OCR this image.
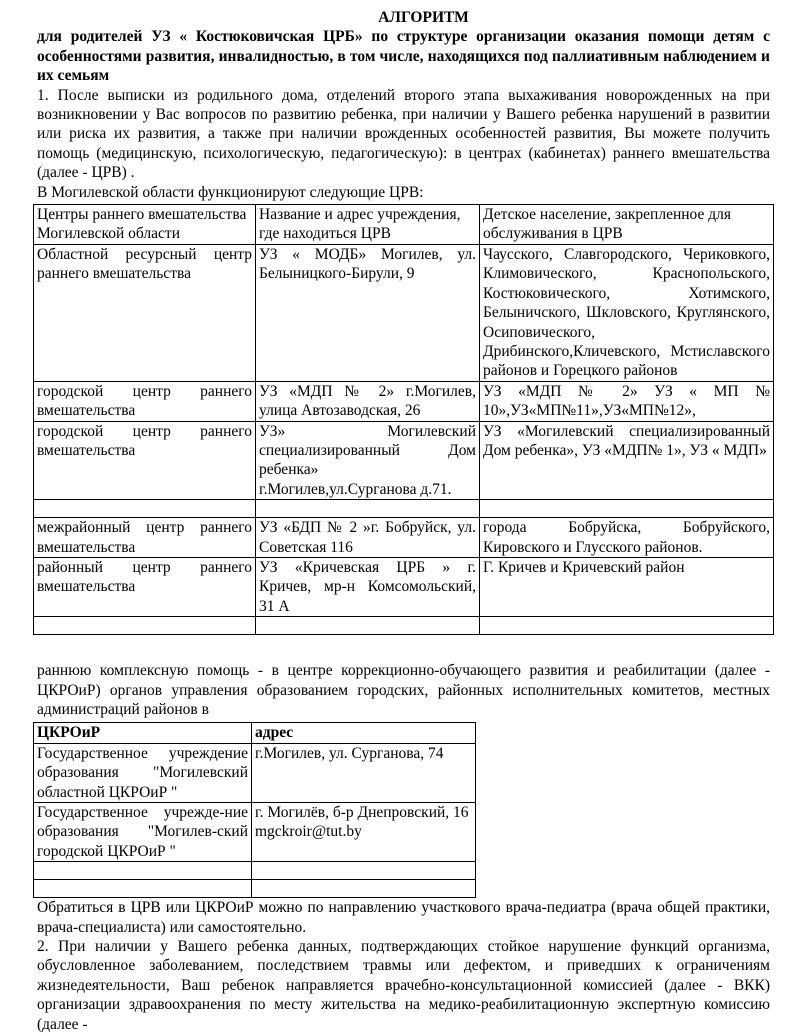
АЛГОРИТМ

для родителей УЗ « Костюковичская ЦРБ» по структуре организации оказания помощи детям с особенностями развития, инвалидностью, в том числе, находящихся под паллиативным наблюдением и их семьям

1. После выписки из родильного дома, отделений второго этапа выхаживания новорожденных на при возникновении у Вас вопросов по развитию ребенка, при наличии у Вашего ребенка нарушений в развитии или риска их развития, а также при наличии врожденных особенностей развития, Вы можете получить помощь (медицинскую, психологическую, педагогическую): в центрах (кабинетах) раннего вмешательства (далее - ЦРВ) .

В Могилевской области функционируют следующие ЦРВ:

Центры раннего вмешательства Могилевской области	Название и адрес учреждения, где находиться ЦРВ	Детское население, закрепленное для обслуживания в ЦРВ
Областной ресурсный центр раннего вмешательства	УЗ « МОДБ» Могилев, ул. Белыницкого-Бирули, 9	Чаусского, Славгородского, Чериковкого, Климовического, Краснопольского, Костюковического, Хотимского, Белыничского, Шкловского, Круглянского, Осиповического, Дрибинского,Кличевского, Мстиславского районов и Горецкого районов
городской центр раннего вмешательства	УЗ «МДП № 2» г.Могилев, улица Автозаводская, 26	УЗ «МДП № 2» УЗ « МП № 10»,УЗ«МП№11»,УЗ«МП№12»,
городской центр раннего вмешательства	УЗ» Могилевский специализированный Дом ребенка» г.Могилев,ул.Сурганова д.71.	УЗ «Могилевский специализированный Дом ребенка», УЗ «МДП№ 1», УЗ « МДП»

межрайонный центр раннего вмешательства	УЗ «БДП № 2 »г. Бобруйск, ул. Советская 116	города Бобруйска, Бобруйского, Кировского и Глусского районов.
районный центр раннего вмешательства	УЗ «Кричевская ЦРБ » г. Кричев, мр-н Комсомольский, 31 А	Г. Кричев и Кричевский район

раннюю комплексную помощь - в центре коррекционно-обучающего развития и реабилитации (далее - ЦКРОиР) органов управления образованием городских, районных исполнительных комитетов, местных администраций районов в

ЦКРОиР	адрес
Государственное учреждение образования "Могилевский областной ЦКРОиР "	г.Могилев, ул. Сурганова, 74

Государственное учрежде-ние образования "Могилев-ский городской ЦКРОиР "	г. Могилёв, б-р Днепровский, 16
mgckroir@tut.by

Обратиться в ЦРВ или ЦКРОиР можно по направлению участкового врача-педиатра (врача общей практики, врача-специалиста) или самостоятельно.

2. При наличии у Вашего ребенка данных, подтверждающих стойкое нарушение функций организма, обусловленное заболеванием, последствием травмы или дефектом, и приведших к ограничениям жизнедеятельности, Ваш ребенок направляется врачебно-консультационной комиссией (далее - ВКК) организации здравоохранения по месту жительства на медико-реабилитационную экспертную комиссию (далее -
